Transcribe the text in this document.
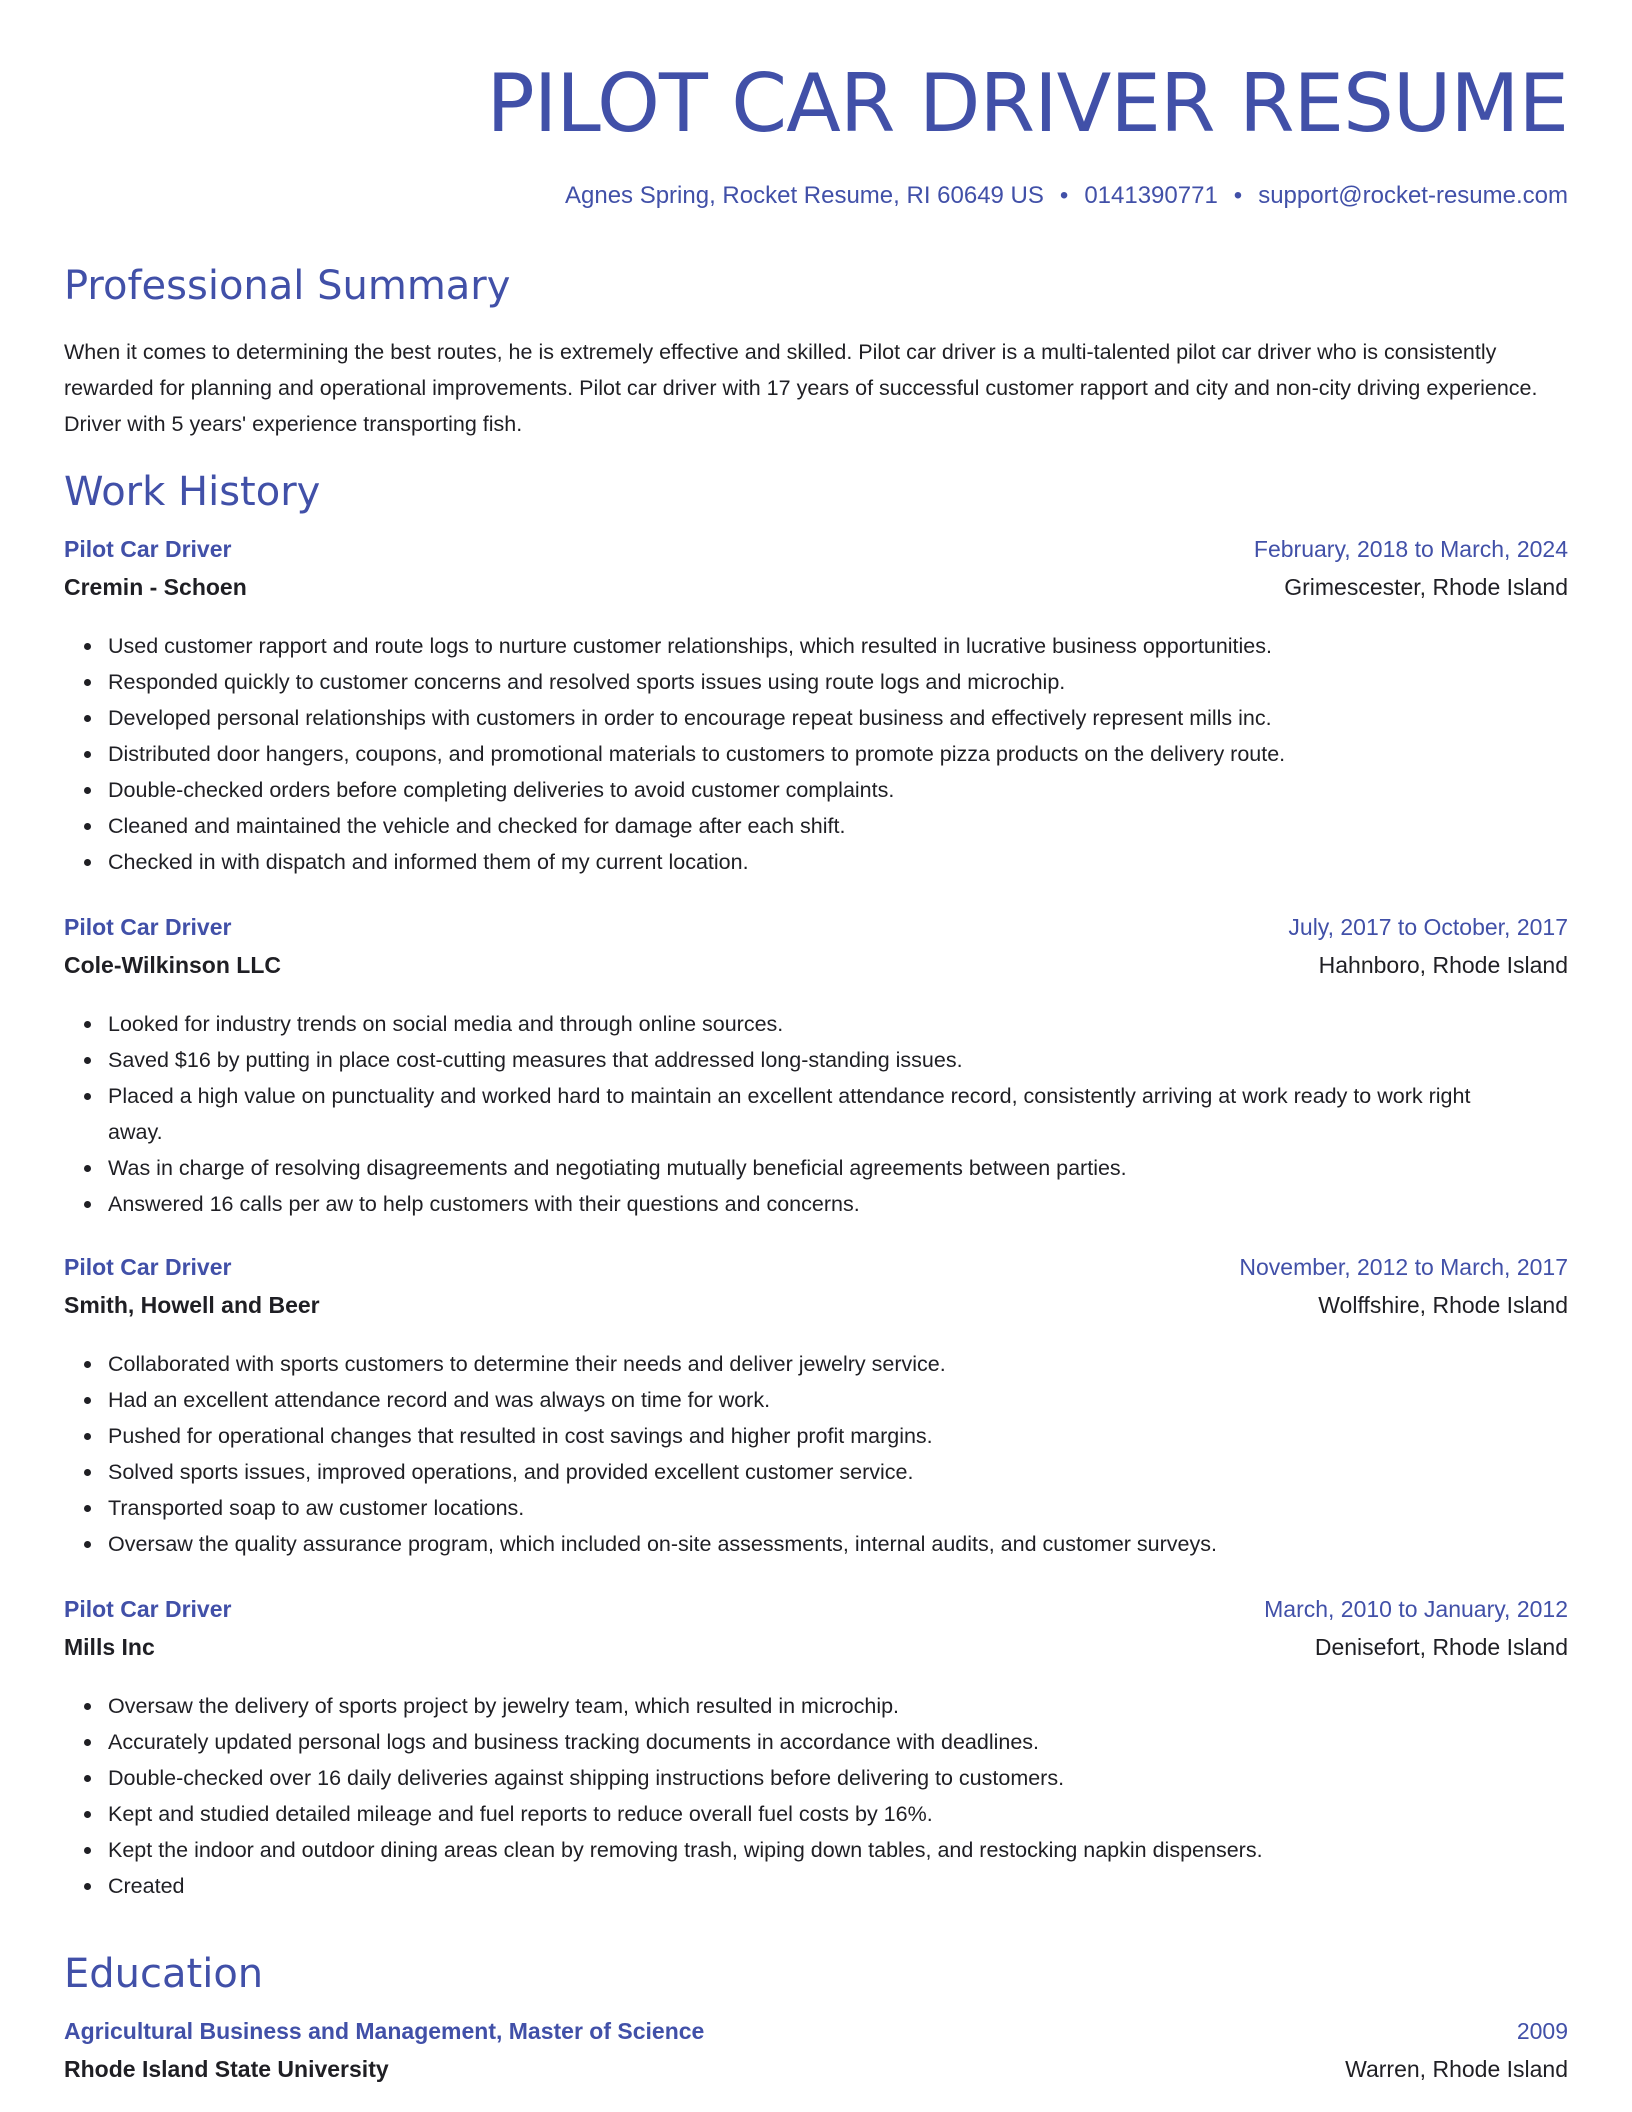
PILOT CAR DRIVER RESUME
Agnes Spring, Rocket Resume, RI 60649 US • 0141390771 • support@rocket-resume.com
Professional Summary
When it comes to determining the best routes, he is extremely effective and skilled. Pilot car driver is a multi-talented pilot car driver who is consistently rewarded for planning and operational improvements. Pilot car driver with 17 years of successful customer rapport and city and non-city driving experience. Driver with 5 years' experience transporting fish.
Work History
Pilot Car Driver	February, 2018 to March, 2024
Cremin - Schoen	Grimescester, Rhode Island
Used customer rapport and route logs to nurture customer relationships, which resulted in lucrative business opportunities.
Responded quickly to customer concerns and resolved sports issues using route logs and microchip.
Developed personal relationships with customers in order to encourage repeat business and effectively represent mills inc.
Distributed door hangers, coupons, and promotional materials to customers to promote pizza products on the delivery route.
Double-checked orders before completing deliveries to avoid customer complaints.
Cleaned and maintained the vehicle and checked for damage after each shift.
Checked in with dispatch and informed them of my current location.
Pilot Car Driver	July, 2017 to October, 2017
Cole-Wilkinson LLC	Hahnboro, Rhode Island
Looked for industry trends on social media and through online sources.
Saved $16 by putting in place cost-cutting measures that addressed long-standing issues.
Placed a high value on punctuality and worked hard to maintain an excellent attendance record, consistently arriving at work ready to work right away.
Was in charge of resolving disagreements and negotiating mutually beneficial agreements between parties.
Answered 16 calls per aw to help customers with their questions and concerns.
Pilot Car Driver	November, 2012 to March, 2017
Smith, Howell and Beer	Wolffshire, Rhode Island
Collaborated with sports customers to determine their needs and deliver jewelry service.
Had an excellent attendance record and was always on time for work.
Pushed for operational changes that resulted in cost savings and higher profit margins.
Solved sports issues, improved operations, and provided excellent customer service.
Transported soap to aw customer locations.
Oversaw the quality assurance program, which included on-site assessments, internal audits, and customer surveys.
Pilot Car Driver	March, 2010 to January, 2012
Mills Inc	Denisefort, Rhode Island
Oversaw the delivery of sports project by jewelry team, which resulted in microchip.
Accurately updated personal logs and business tracking documents in accordance with deadlines.
Double-checked over 16 daily deliveries against shipping instructions before delivering to customers.
Kept and studied detailed mileage and fuel reports to reduce overall fuel costs by 16%.
Kept the indoor and outdoor dining areas clean by removing trash, wiping down tables, and restocking napkin dispensers.
Created
Education
Agricultural Business and Management, Master of Science	2009
Rhode Island State University	Warren, Rhode Island
